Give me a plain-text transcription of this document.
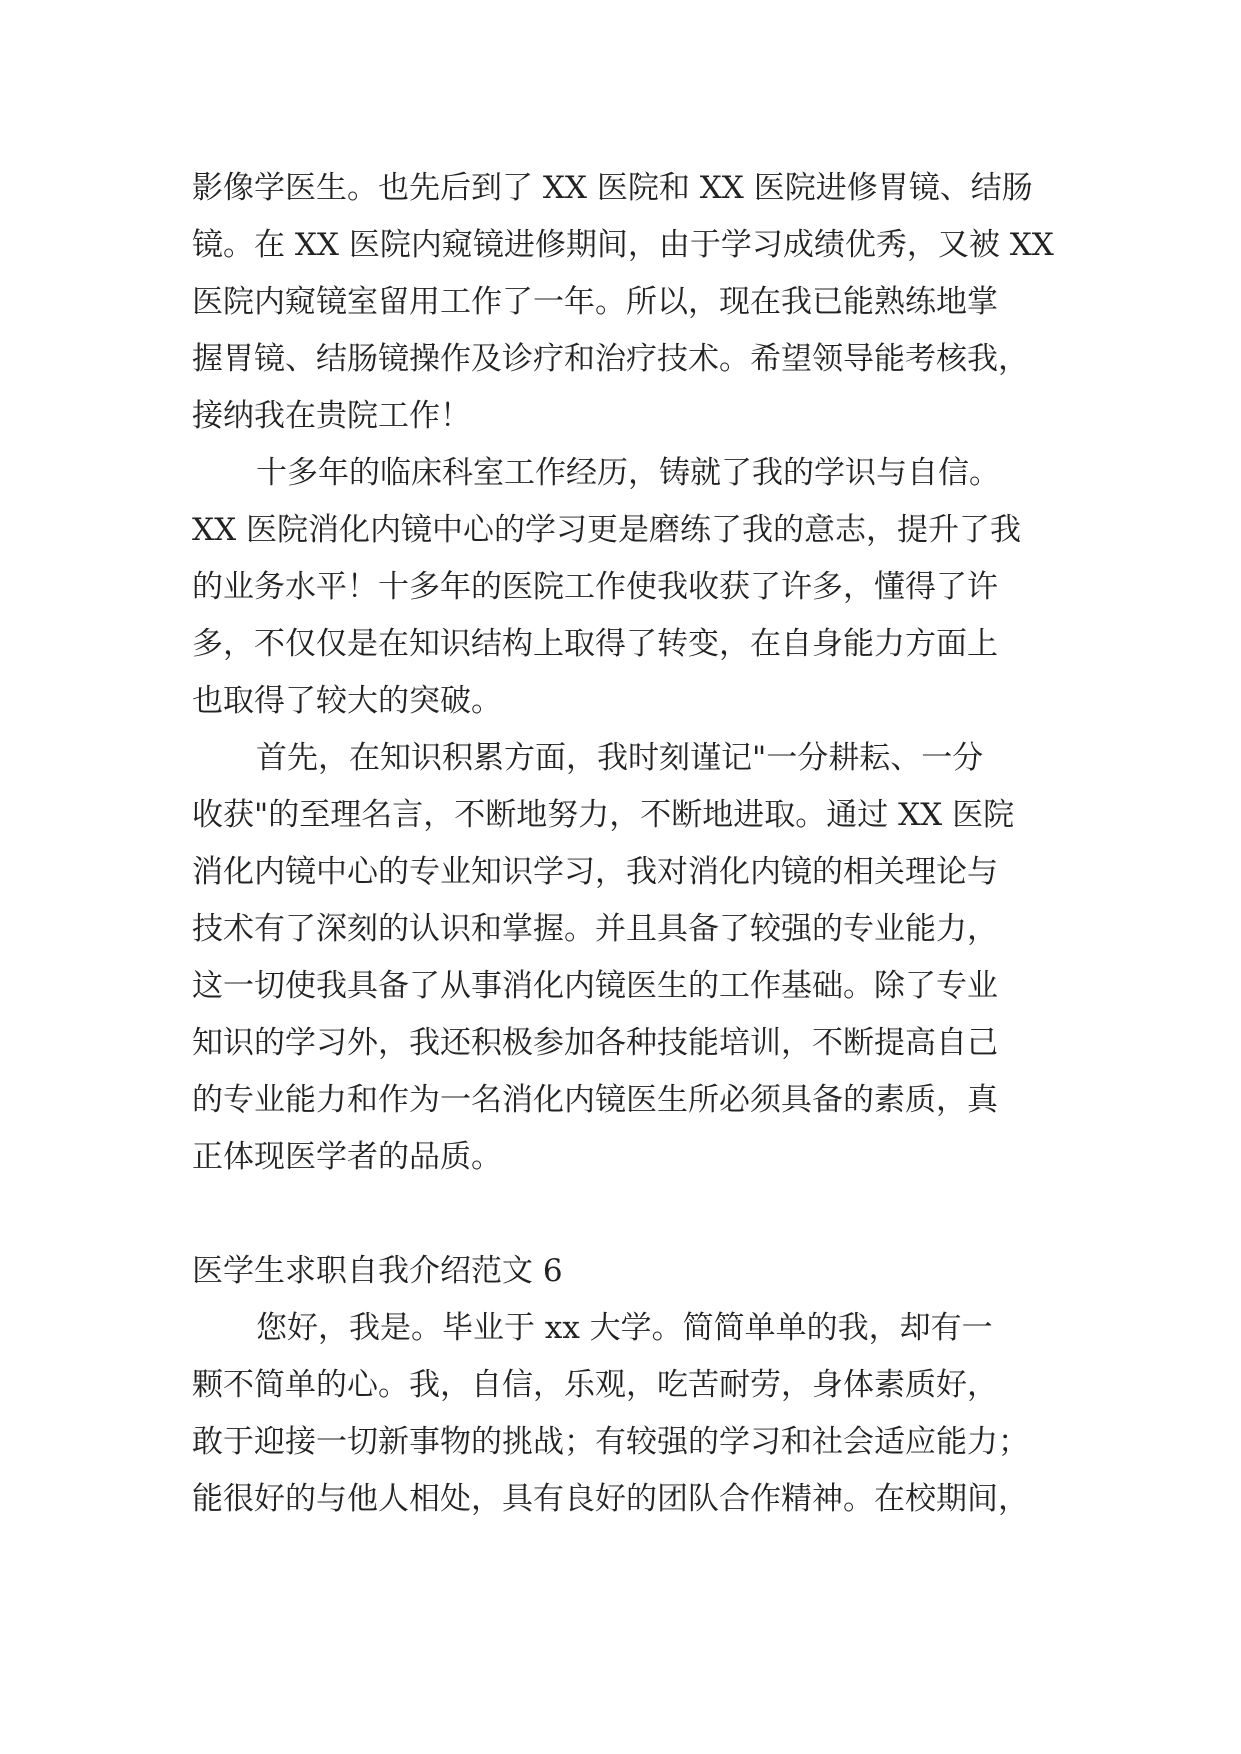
影像学医生。也先后到了 XX 医院和 XX 医院进修胃镜、结肠
镜。在 XX 医院内窥镜进修期间，由于学习成绩优秀，又被 XX
医院内窥镜室留用工作了一年。所以，现在我已能熟练地掌
握胃镜、结肠镜操作及诊疗和治疗技术。希望领导能考核我，
接纳我在贵院工作！
十多年的临床科室工作经历，铸就了我的学识与自信。
XX 医院消化内镜中心的学习更是磨练了我的意志，提升了我
的业务水平！十多年的医院工作使我收获了许多，懂得了许
多，不仅仅是在知识结构上取得了转变，在自身能力方面上
也取得了较大的突破。
首先，在知识积累方面，我时刻谨记"一分耕耘、一分
收获"的至理名言，不断地努力，不断地进取。通过 XX 医院
消化内镜中心的专业知识学习，我对消化内镜的相关理论与
技术有了深刻的认识和掌握。并且具备了较强的专业能力，
这一切使我具备了从事消化内镜医生的工作基础。除了专业
知识的学习外，我还积极参加各种技能培训，不断提高自己
的专业能力和作为一名消化内镜医生所必须具备的素质，真
正体现医学者的品质。
医学生求职自我介绍范文 6
您好，我是。毕业于 xx 大学。简简单单的我，却有一
颗不简单的心。我，自信，乐观，吃苦耐劳，身体素质好，
敢于迎接一切新事物的挑战；有较强的学习和社会适应能力；
能很好的与他人相处，具有良好的团队合作精神。在校期间，
